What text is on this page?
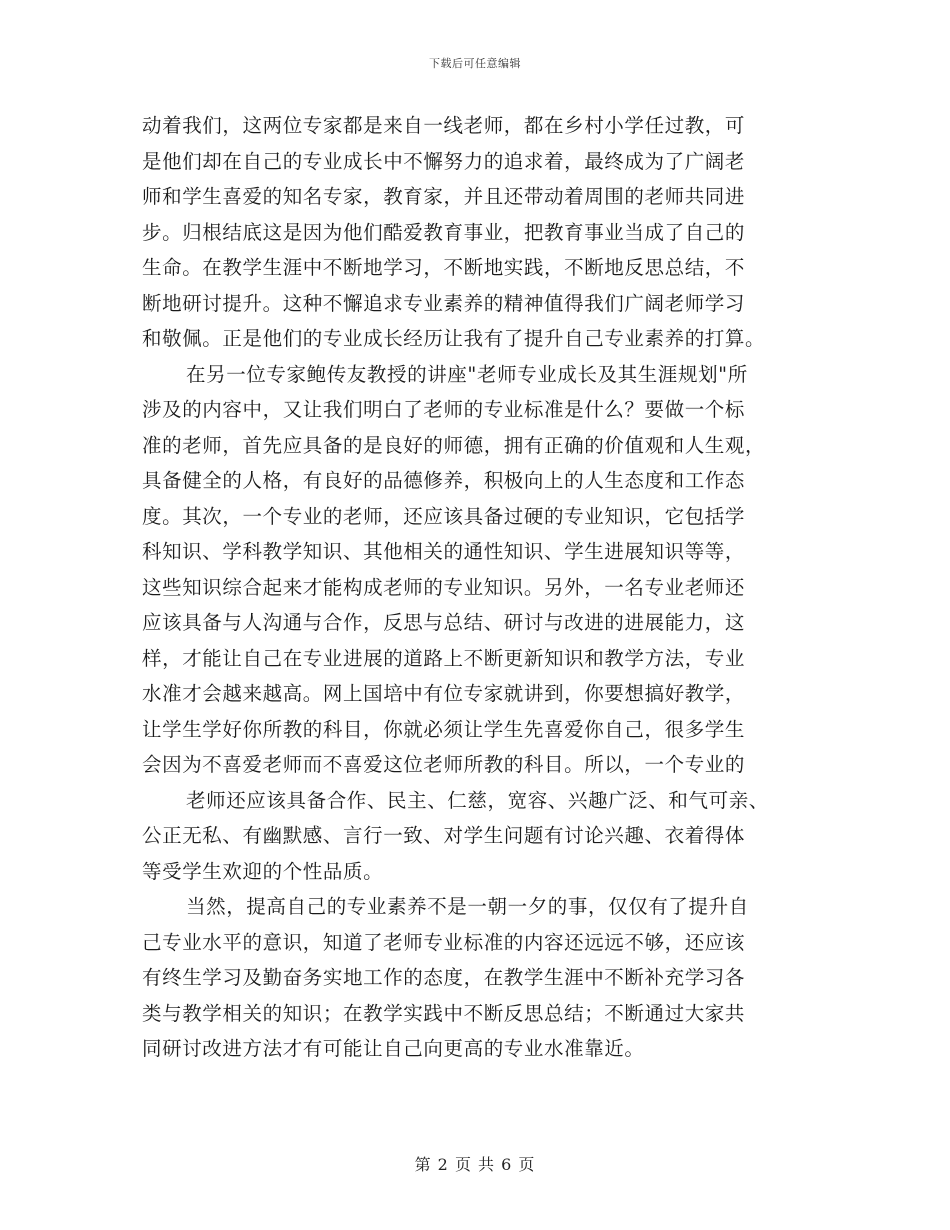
下载后可任意编辑
动着我们，这两位专家都是来自一线老师，都在乡村小学任过教，可
是他们却在自己的专业成长中不懈努力的追求着，最终成为了广阔老
师和学生喜爱的知名专家，教育家，并且还带动着周围的老师共同进
步。归根结底这是因为他们酷爱教育事业，把教育事业当成了自己的
生命。在教学生涯中不断地学习，不断地实践，不断地反思总结，不
断地研讨提升。这种不懈追求专业素养的精神值得我们广阔老师学习
和敬佩。正是他们的专业成长经历让我有了提升自己专业素养的打算。
在另一位专家鲍传友教授的讲座"老师专业成长及其生涯规划"所
涉及的内容中，又让我们明白了老师的专业标准是什么？要做一个标
准的老师，首先应具备的是良好的师德，拥有正确的价值观和人生观，
具备健全的人格，有良好的品德修养，积极向上的人生态度和工作态
度。其次，一个专业的老师，还应该具备过硬的专业知识，它包括学
科知识、学科教学知识、其他相关的通性知识、学生进展知识等等，
这些知识综合起来才能构成老师的专业知识。另外，一名专业老师还
应该具备与人沟通与合作，反思与总结、研讨与改进的进展能力，这
样，才能让自己在专业进展的道路上不断更新知识和教学方法，专业
水准才会越来越高。网上国培中有位专家就讲到，你要想搞好教学，
让学生学好你所教的科目，你就必须让学生先喜爱你自己，很多学生
会因为不喜爱老师而不喜爱这位老师所教的科目。所以，一个专业的
老师还应该具备合作、民主、仁慈，宽容、兴趣广泛、和气可亲、
公正无私、有幽默感、言行一致、对学生问题有讨论兴趣、衣着得体
等受学生欢迎的个性品质。
当然，提高自己的专业素养不是一朝一夕的事，仅仅有了提升自
己专业水平的意识，知道了老师专业标准的内容还远远不够，还应该
有终生学习及勤奋务实地工作的态度，在教学生涯中不断补充学习各
类与教学相关的知识；在教学实践中不断反思总结；不断通过大家共
同研讨改进方法才有可能让自己向更高的专业水准靠近。
第 2 页 共 6 页
